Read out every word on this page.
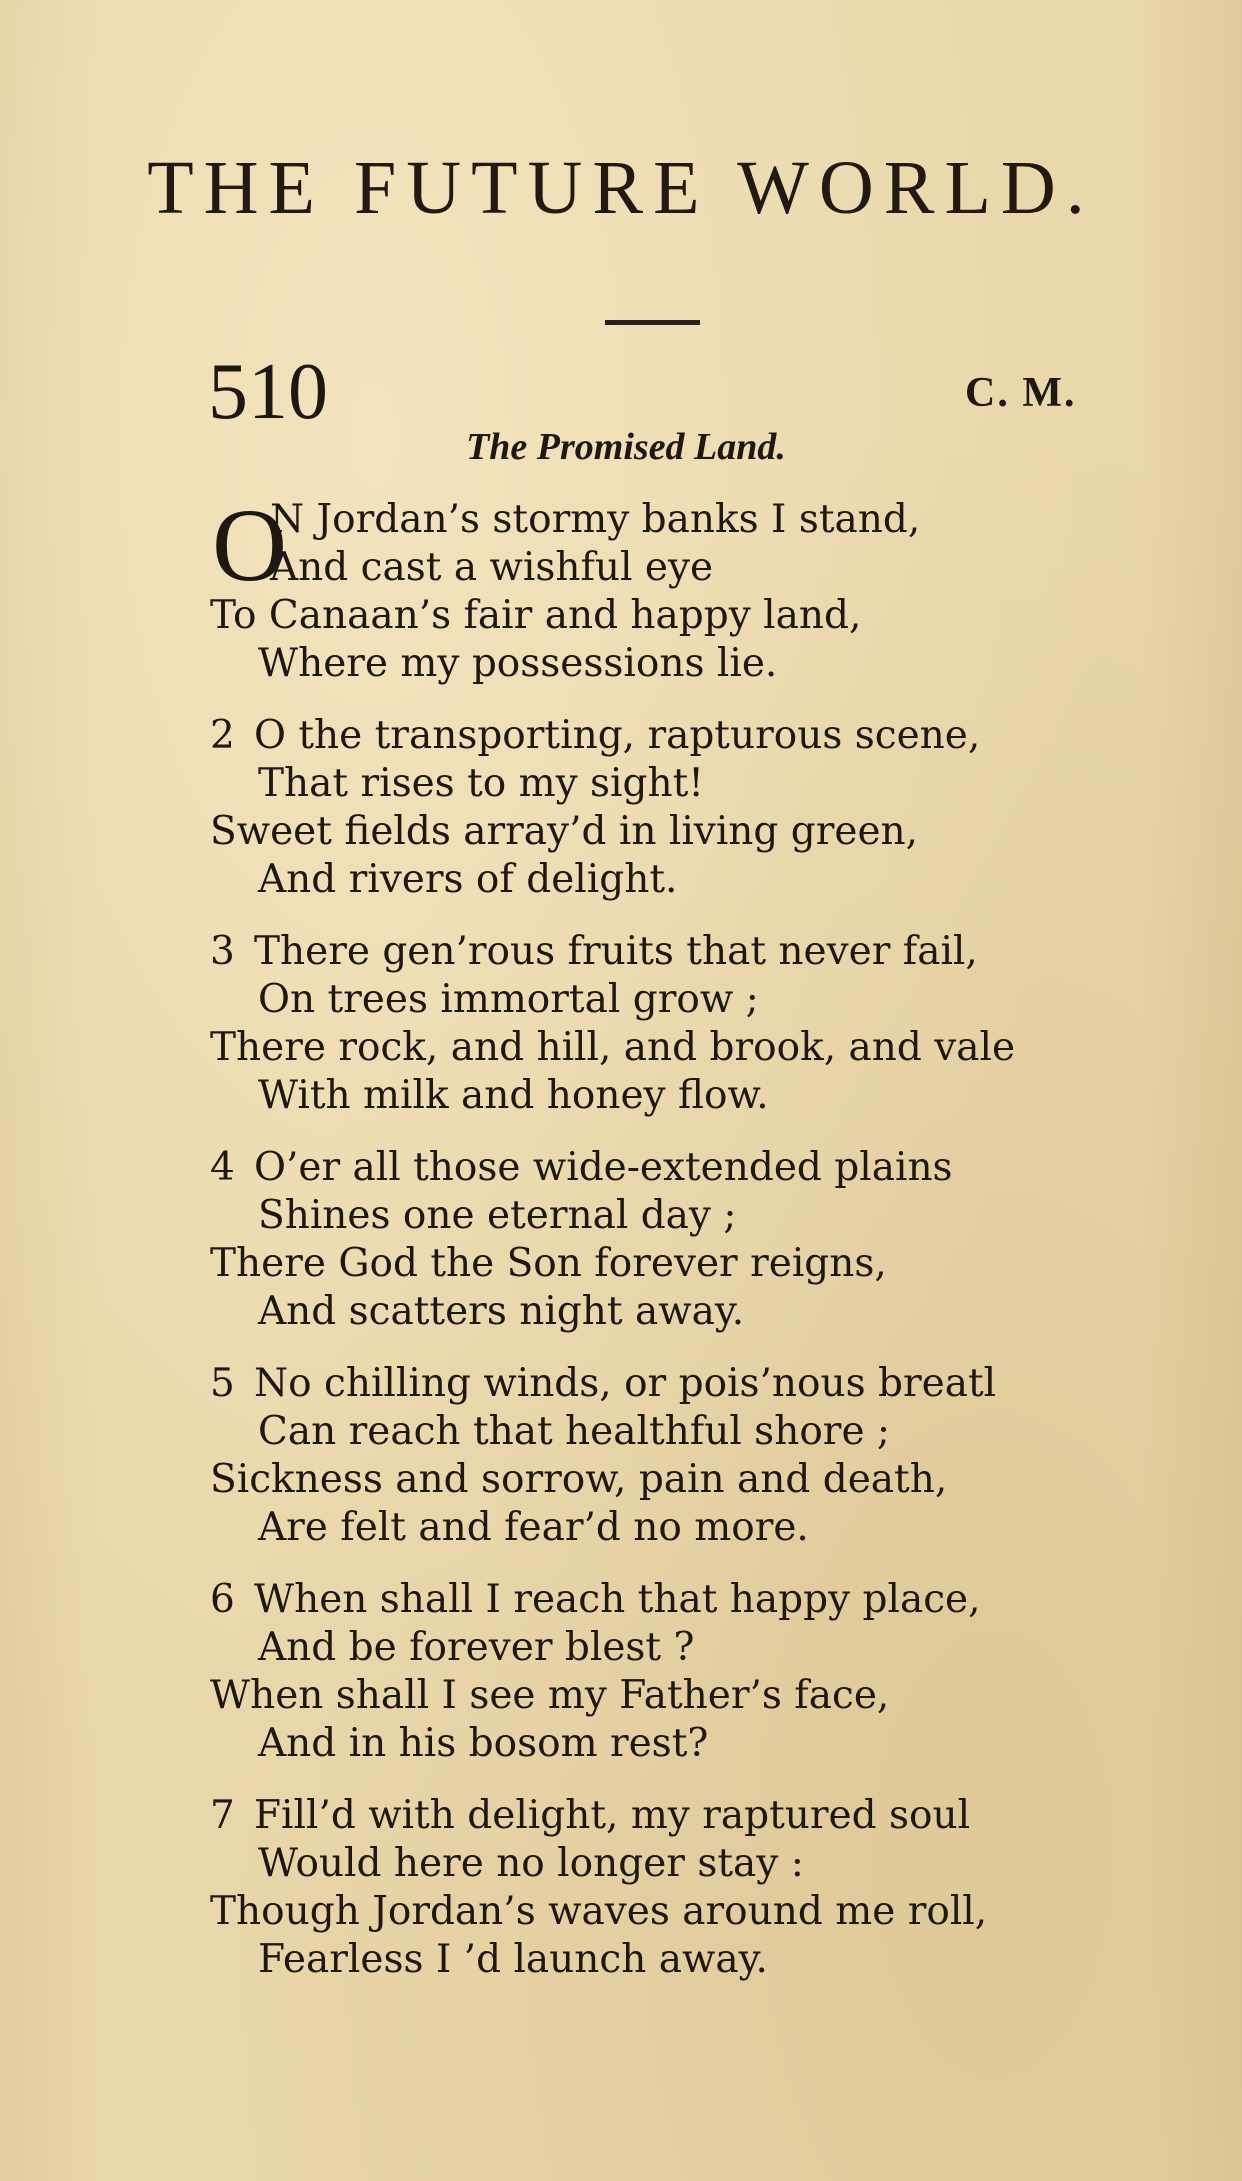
THE FUTURE WORLD.
510	C. M.
The Promised Land.
O
N Jordan’s stormy banks I stand,
And cast a wishful eye
To Canaan’s fair and happy land,
Where my possessions lie.
2 O the transporting, rapturous scene,
That rises to my sight!
Sweet fields array’d in living green,
And rivers of delight.
3 There gen’rous fruits that never fail,
On trees immortal grow ;
There rock, and hill, and brook, and vale
With milk and honey flow.
4 O’er all those wide-extended plains
Shines one eternal day ;
There God the Son forever reigns,
And scatters night away.
5 No chilling winds, or pois’nous breatl
Can reach that healthful shore ;
Sickness and sorrow, pain and death,
Are felt and fear’d no more.
6 When shall I reach that happy place,
And be forever blest ?
When shall I see my Father’s face,
And in his bosom rest?
7 Fill’d with delight, my raptured soul
Would here no longer stay :
Though Jordan’s waves around me roll,
Fearless I ’d launch away.
